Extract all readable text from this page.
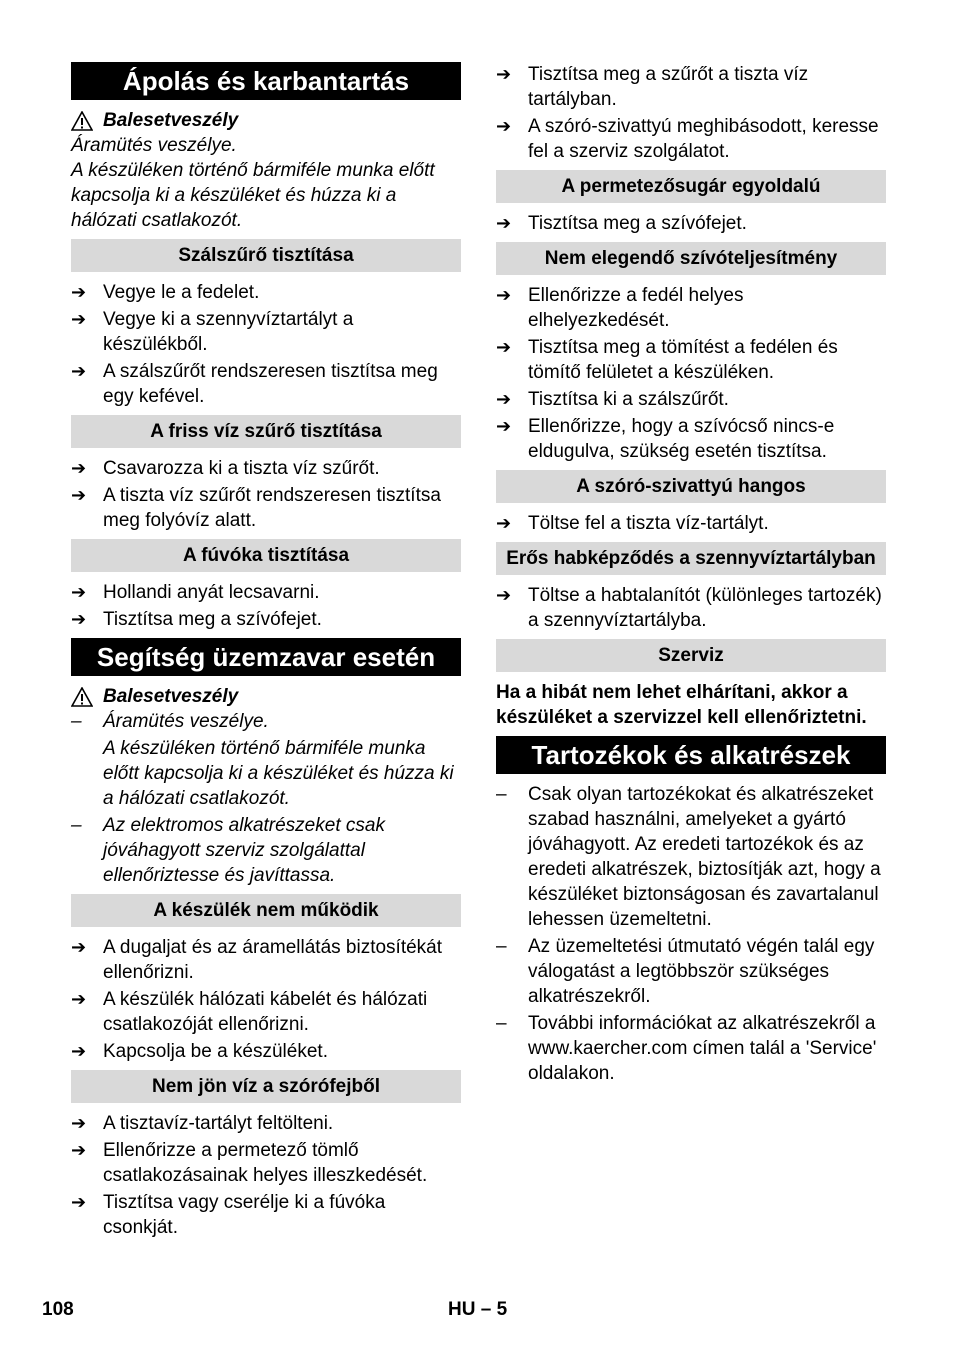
Ápolás és karbantartás
Balesetveszély
Áramütés veszélye.
A készüléken történő bármiféle munka előtt kapcsolja ki a készüléket és húzza ki a hálózati csatlakozót.
Szálszűrő tisztítása
➔ Vegye le a fedelet.
➔ Vegye ki a szennyvíztartályt a készülékből.
➔ A szálszűrőt rendszeresen tisztítsa meg egy kefével.
A friss víz szűrő tisztítása
➔ Csavarozza ki a tiszta víz szűrőt.
➔ A tiszta víz szűrőt rendszeresen tisztítsa meg folyóvíz alatt.
A fúvóka tisztítása
➔ Hollandi anyát lecsavarni.
➔ Tisztítsa meg a szívófejet.
Segítség üzemzavar esetén
Balesetveszély
–	Áramütés veszélye.
A készüléken történő bármiféle munka előtt kapcsolja ki a készüléket és húzza ki a hálózati csatlakozót.
–	Az elektromos alkatrészeket csak jóváhagyott szerviz szolgálattal ellenőriztesse és javíttassa.
A készülék nem működik
➔ A dugaljat és az áramellátás biztosítékát ellenőrizni.
➔ A készülék hálózati kábelét és hálózati csatlakozóját ellenőrizni.
➔ Kapcsolja be a készüléket.
Nem jön víz a szórófejből
➔ A tisztavíz-tartályt feltölteni.
➔ Ellenőrizze a permetező tömlő csatlakozásainak helyes illeszkedését.
➔ Tisztítsa vagy cserélje ki a fúvóka csonkját.
➔ Tisztítsa meg a szűrőt a tiszta víz tartályban.
➔ A szóró-szivattyú meghibásodott, keresse fel a szerviz szolgálatot.
A permetezősugár egyoldalú
➔ Tisztítsa meg a szívófejet.
Nem elegendő szívóteljesítmény
➔ Ellenőrizze a fedél helyes elhelyezkedését.
➔ Tisztítsa meg a tömítést a fedélen és tömítő felületet a készüléken.
➔ Tisztítsa ki a szálszűrőt.
➔ Ellenőrizze, hogy a szívócső nincs-e eldugulva, szükség esetén tisztítsa.
A szóró-szivattyú hangos
➔ Töltse fel a tiszta víz-tartályt.
Erős habképződés a szennyvíztartályban
➔ Töltse a habtalanítót (különleges tartozék) a szennyvíztartályba.
Szerviz
Ha a hibát nem lehet elhárítani, akkor a készüléket a szervizzel kell ellenőriztetni.
Tartozékok és alkatrészek
–	Csak olyan tartozékokat és alkatrészeket szabad használni, amelyeket a gyártó jóváhagyott. Az eredeti tartozékok és az eredeti alkatrészek, biztosítják azt, hogy a készüléket biztonságosan és zavartalanul lehessen üzemeltetni.
–	Az üzemeltetési útmutató végén talál egy válogatást a legtöbbször szükséges alkatrészekről.
–	További információkat az alkatrészekről a www.kaercher.com címen talál a 'Service' oldalakon.
108	HU – 5
